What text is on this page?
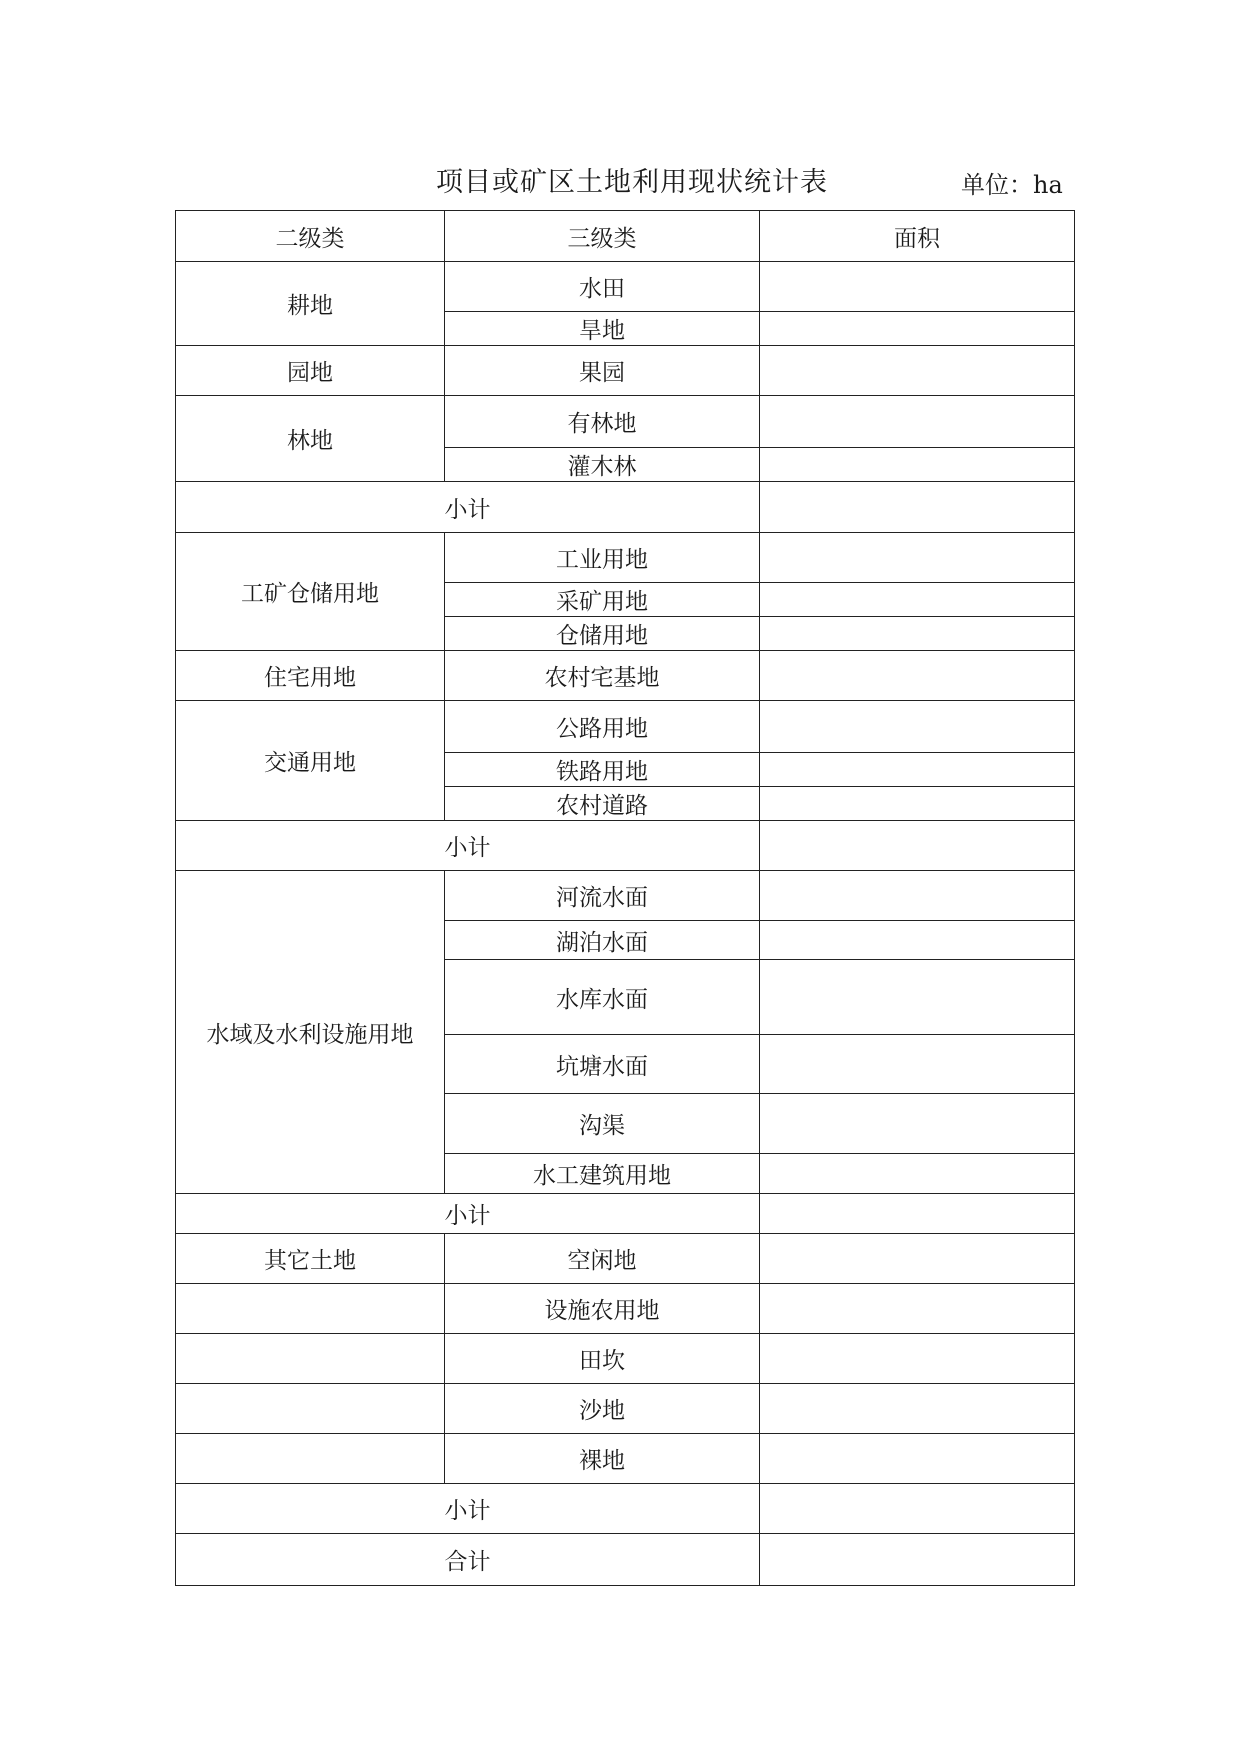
项目或矿区土地利用现状统计表	单位：ha
二级类	三级类	面积
耕地	水田	
	旱地	
园地	果园	
林地	有林地	
	灌木林	
小计		
工矿仓储用地	工业用地	
	采矿用地	
	仓储用地	
住宅用地	农村宅基地	
交通用地	公路用地	
	铁路用地	
	农村道路	
小计		
水域及水利设施用地	河流水面	
	湖泊水面	
	水库水面	
	坑塘水面	
	沟渠	
	水工建筑用地	
小计		
其它土地	空闲地	
	设施农用地	
	田坎	
	沙地	
	裸地	
小计		
合计		
